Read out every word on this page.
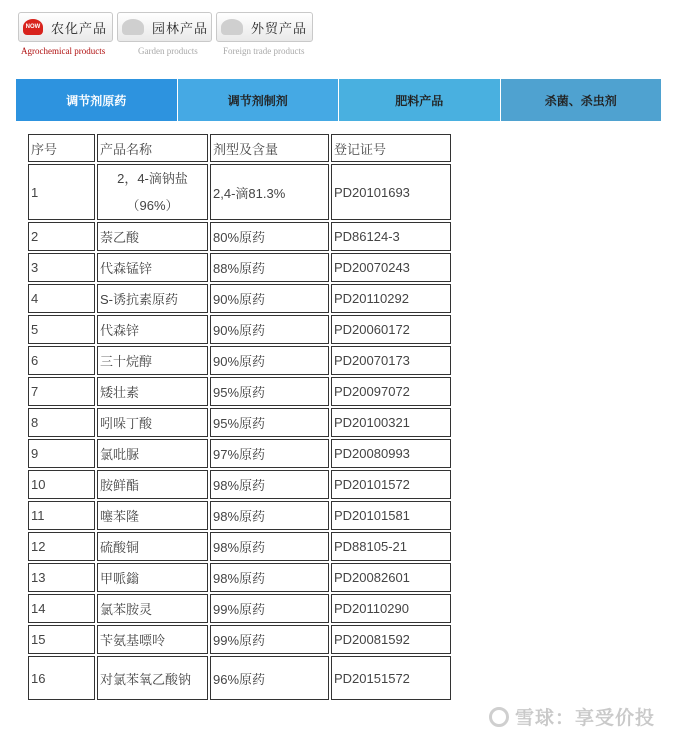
NOW 农化产品
Agrochemical products
园林产品
Garden products
外贸产品
Foreign trade products
调节剂原药	调节剂制剂	肥料产品	杀菌、杀虫剂
序号	产品名称	剂型及含量	登记证号
1	2，4-滴钠盐（96%）	2,4-滴81.3%	PD20101693
2	萘乙酸	80%原药	PD86124-3
3	代森锰锌	88%原药	PD20070243
4	S-诱抗素原药	90%原药	PD20110292
5	代森锌	90%原药	PD20060172
6	三十烷醇	90%原药	PD20070173
7	矮壮素	95%原药	PD20097072
8	吲哚丁酸	95%原药	PD20100321
9	氯吡脲	97%原药	PD20080993
10	胺鲜酯	98%原药	PD20101572
11	噻苯隆	98%原药	PD20101581
12	硫酸铜	98%原药	PD88105-21
13	甲哌鎓	98%原药	PD20082601
14	氯苯胺灵	99%原药	PD20110290
15	苄氨基嘌呤	99%原药	PD20081592
16	对氯苯氧乙酸钠	96%原药	PD20151572
雪球：享受价投
